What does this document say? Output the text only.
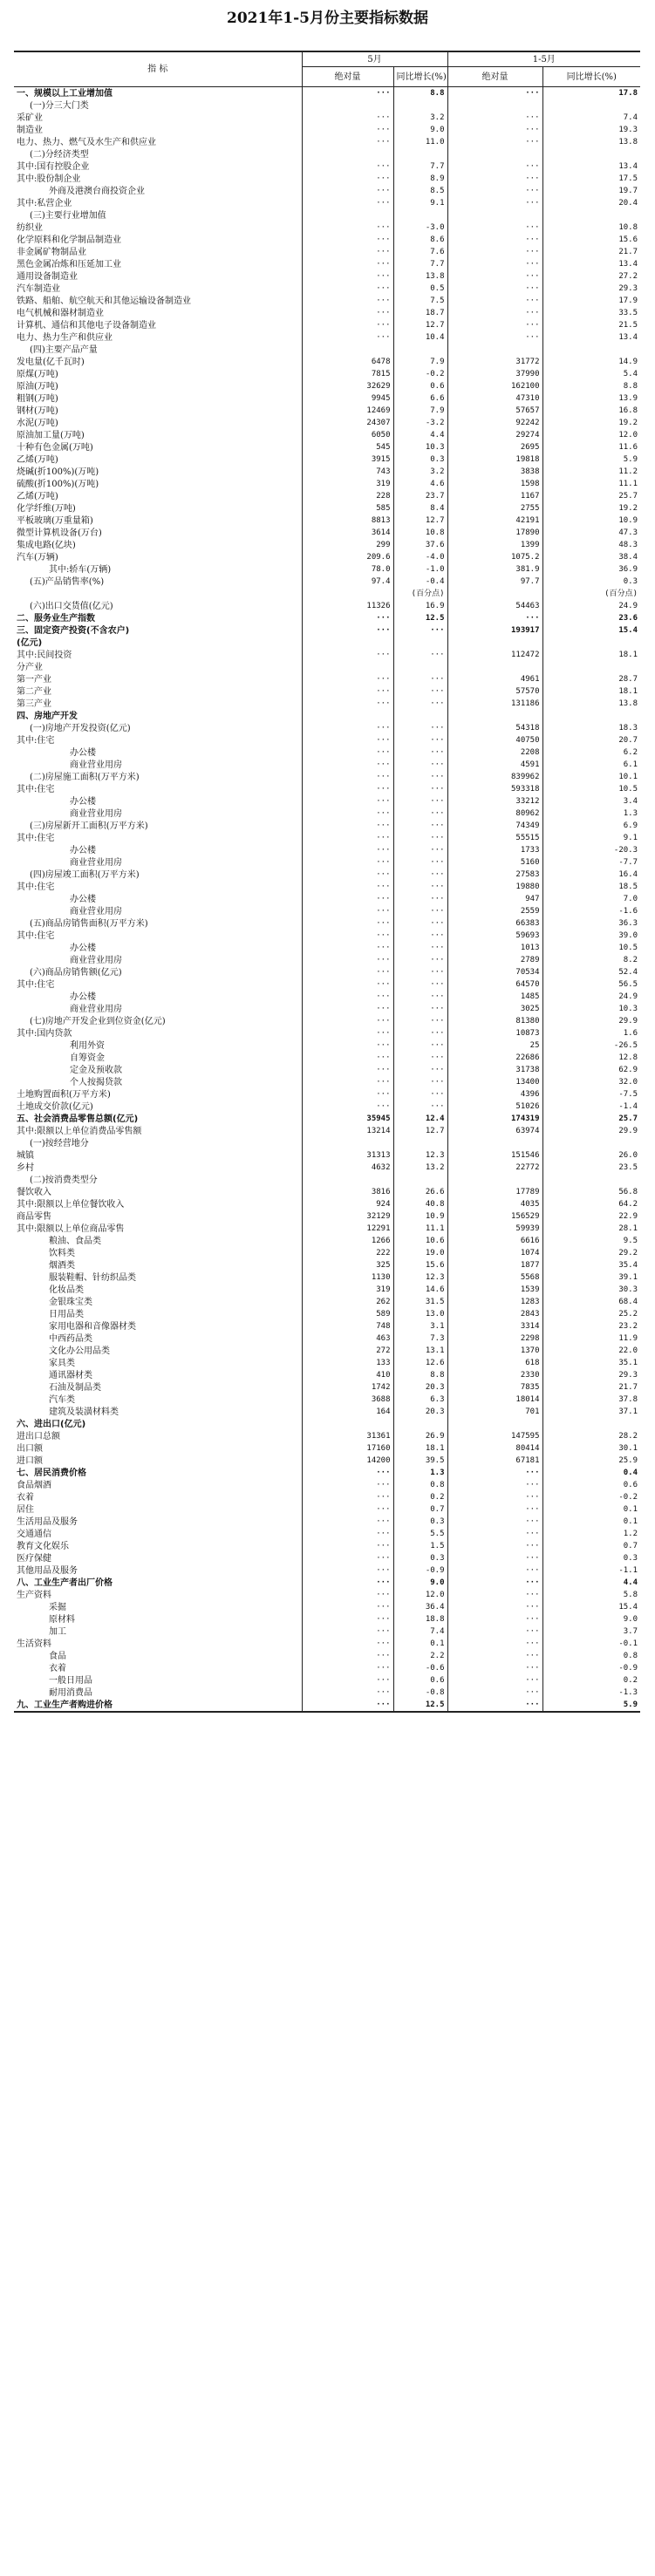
2021年1-5月份主要指标数据
指 标	5月		1-5月	
	绝对量	同比增长(%)	绝对量	同比增长(%)
一、规模以上工业增加值	···	8.8	···	17.8
(一)分三大门类				
采矿业	···	3.2	···	7.4
制造业	···	9.0	···	19.3
电力、热力、燃气及水生产和供应业	···	11.0	···	13.8
(二)分经济类型				
其中:国有控股企业	···	7.7	···	13.4
其中:股份制企业	···	8.9	···	17.5
外商及港澳台商投资企业	···	8.5	···	19.7
其中:私营企业	···	9.1	···	20.4
(三)主要行业增加值				
纺织业	···	-3.0	···	10.8
化学原料和化学制品制造业	···	8.6	···	15.6
非金属矿物制品业	···	7.6	···	21.7
黑色金属冶炼和压延加工业	···	7.7	···	13.4
通用设备制造业	···	13.8	···	27.2
汽车制造业	···	0.5	···	29.3
铁路、船舶、航空航天和其他运输设备制造业	···	7.5	···	17.9
电气机械和器材制造业	···	18.7	···	33.5
计算机、通信和其他电子设备制造业	···	12.7	···	21.5
电力、热力生产和供应业	···	10.4	···	13.4
(四)主要产品产量				
发电量(亿千瓦时)	6478	7.9	31772	14.9
原煤(万吨)	7815	-0.2	37990	5.4
原油(万吨)	32629	0.6	162100	8.8
粗钢(万吨)	9945	6.6	47310	13.9
钢材(万吨)	12469	7.9	57657	16.8
水泥(万吨)	24307	-3.2	92242	19.2
原油加工量(万吨)	6050	4.4	29274	12.0
十种有色金属(万吨)	545	10.3	2695	11.6
乙烯(万吨)	3915	0.3	19818	5.9
烧碱(折100%)(万吨)	743	3.2	3838	11.2
硫酸(折100%)(万吨)	319	4.6	1598	11.1
乙烯(万吨)	228	23.7	1167	25.7
化学纤维(万吨)	585	8.4	2755	19.2
平板玻璃(万重量箱)	8813	12.7	42191	10.9
微型计算机设备(万台)	3614	10.8	17890	47.3
集成电路(亿块)	299	37.6	1399	48.3
汽车(万辆)	209.6	-4.0	1075.2	38.4
其中:轿车(万辆)	78.0	-1.0	381.9	36.9
(五)产品销售率(%)	97.4	-0.4	97.7	0.3
		(百分点)		(百分点)
(六)出口交货值(亿元)	11326	16.9	54463	24.9
二、服务业生产指数	···	12.5	···	23.6
三、固定资产投资(不含农户)	···	···	193917	15.4
(亿元)				
其中:民间投资	···	···	112472	18.1
分产业				
第一产业	···	···	4961	28.7
第二产业	···	···	57570	18.1
第三产业	···	···	131186	13.8
四、房地产开发				
(一)房地产开发投资(亿元)	···	···	54318	18.3
其中:住宅	···	···	40750	20.7
办公楼	···	···	2208	6.2
商业营业用房	···	···	4591	6.1
(二)房屋施工面积(万平方米)	···	···	839962	10.1
其中:住宅	···	···	593318	10.5
办公楼	···	···	33212	3.4
商业营业用房	···	···	80962	1.3
(三)房屋新开工面积(万平方米)	···	···	74349	6.9
其中:住宅	···	···	55515	9.1
办公楼	···	···	1733	-20.3
商业营业用房	···	···	5160	-7.7
(四)房屋竣工面积(万平方米)	···	···	27583	16.4
其中:住宅	···	···	19880	18.5
办公楼	···	···	947	7.0
商业营业用房	···	···	2559	-1.6
(五)商品房销售面积(万平方米)	···	···	66383	36.3
其中:住宅	···	···	59693	39.0
办公楼	···	···	1013	10.5
商业营业用房	···	···	2789	8.2
(六)商品房销售额(亿元)	···	···	70534	52.4
其中:住宅	···	···	64570	56.5
办公楼	···	···	1485	24.9
商业营业用房	···	···	3025	10.3
(七)房地产开发企业到位资金(亿元)	···	···	81380	29.9
其中:国内贷款	···	···	10873	1.6
利用外资	···	···	25	-26.5
自筹资金	···	···	22686	12.8
定金及预收款	···	···	31738	62.9
个人按揭贷款	···	···	13400	32.0
土地购置面积(万平方米)	···	···	4396	-7.5
土地成交价款(亿元)	···	···	51026	-1.4
五、社会消费品零售总额(亿元)	35945	12.4	174319	25.7
其中:限额以上单位消费品零售额	13214	12.7	63974	29.9
(一)按经营地分				
城镇	31313	12.3	151546	26.0
乡村	4632	13.2	22772	23.5
(二)按消费类型分				
餐饮收入	3816	26.6	17789	56.8
其中:限额以上单位餐饮收入	924	40.8	4035	64.2
商品零售	32129	10.9	156529	22.9
其中:限额以上单位商品零售	12291	11.1	59939	28.1
粮油、食品类	1266	10.6	6616	9.5
饮料类	222	19.0	1074	29.2
烟酒类	325	15.6	1877	35.4
服装鞋帽、针纺织品类	1130	12.3	5568	39.1
化妆品类	319	14.6	1539	30.3
金银珠宝类	262	31.5	1283	68.4
日用品类	589	13.0	2843	25.2
家用电器和音像器材类	748	3.1	3314	23.2
中西药品类	463	7.3	2298	11.9
文化办公用品类	272	13.1	1370	22.0
家具类	133	12.6	618	35.1
通讯器材类	410	8.8	2330	29.3
石油及制品类	1742	20.3	7835	21.7
汽车类	3688	6.3	18014	37.8
建筑及装潢材料类	164	20.3	701	37.1
六、进出口(亿元)				
进出口总额	31361	26.9	147595	28.2
出口额	17160	18.1	80414	30.1
进口额	14200	39.5	67181	25.9
七、居民消费价格	···	1.3	···	0.4
食品烟酒	···	0.8	···	0.6
衣着	···	0.2	···	-0.2
居住	···	0.7	···	0.1
生活用品及服务	···	0.3	···	0.1
交通通信	···	5.5	···	1.2
教育文化娱乐	···	1.5	···	0.7
医疗保健	···	0.3	···	0.3
其他用品及服务	···	-0.9	···	-1.1
八、工业生产者出厂价格	···	9.0	···	4.4
生产资料	···	12.0	···	5.8
采掘	···	36.4	···	15.4
原材料	···	18.8	···	9.0
加工	···	7.4	···	3.7
生活资料	···	0.1	···	-0.1
食品	···	2.2	···	0.8
衣着	···	-0.6	···	-0.9
一般日用品	···	0.6	···	0.2
耐用消费品	···	-0.8	···	-1.3
九、工业生产者购进价格	···	12.5	···	5.9
